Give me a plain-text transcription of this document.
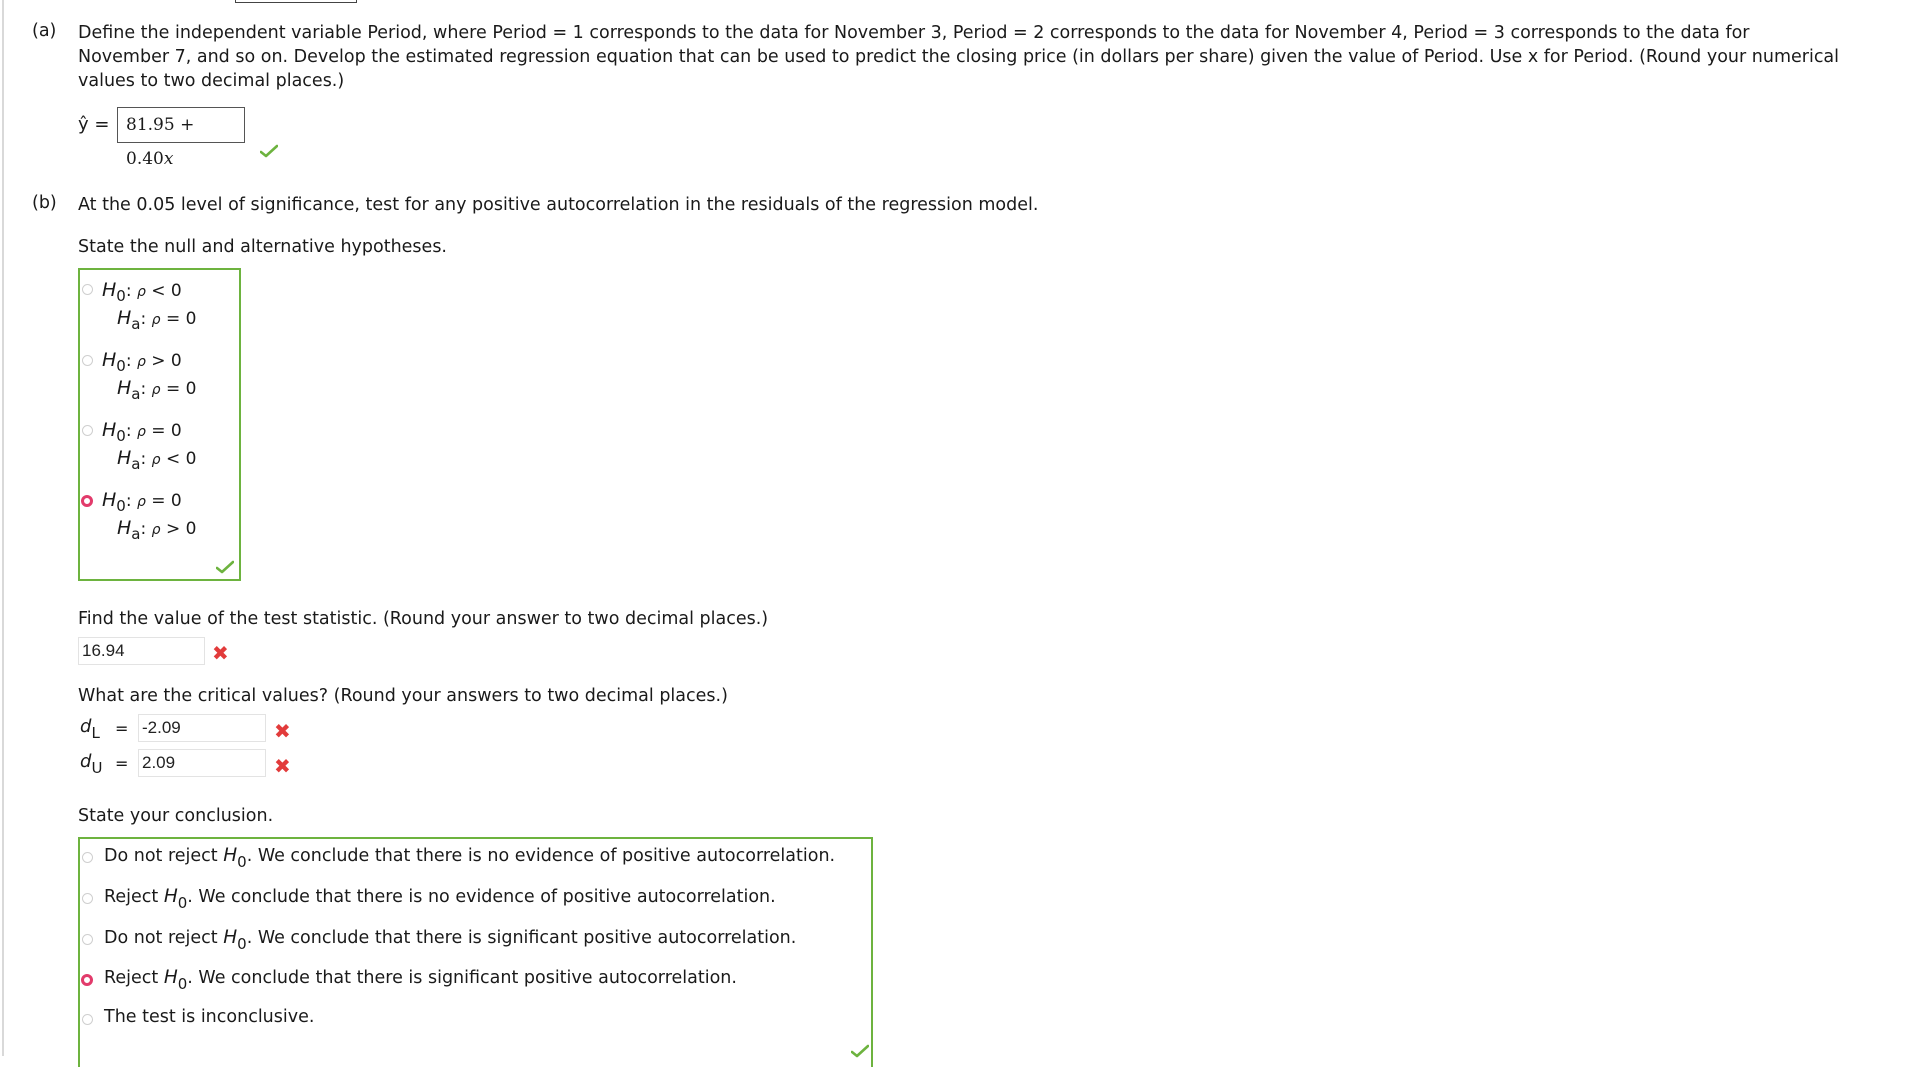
(a) Define the independent variable Period, where Period = 1 corresponds to the data for November 3, Period = 2 corresponds to the data for November 4, Period = 3 corresponds to the data for
November 7, and so on. Develop the estimated regression equation that can be used to predict the closing price (in dollars per share) given the value of Period. Use x for Period. (Round your numerical
values to two decimal places.)
ŷ = 81.95 + 0.40x
(b) At the 0.05 level of significance, test for any positive autocorrelation in the residuals of the regression model.
State the null and alternative hypotheses.
$H_0$: ρ < 0
$H_a$: ρ = 0
$H_0$: ρ > 0
$H_a$: ρ = 0
$H_0$: ρ = 0
$H_a$: ρ < 0
$H_0$: ρ = 0
$H_a$: ρ > 0
Find the value of the test statistic. (Round your answer to two decimal places.)
16.94	✖
What are the critical values? (Round your answers to two decimal places.)
$d_L = -2.09$	✖
$d_U = 2.09$	✖
State your conclusion.
Do not reject $H_0$. We conclude that there is no evidence of positive autocorrelation.
Reject $H_0$. We conclude that there is no evidence of positive autocorrelation.
Do not reject $H_0$. We conclude that there is significant positive autocorrelation.
Reject $H_0$. We conclude that there is significant positive autocorrelation.
The test is inconclusive.
